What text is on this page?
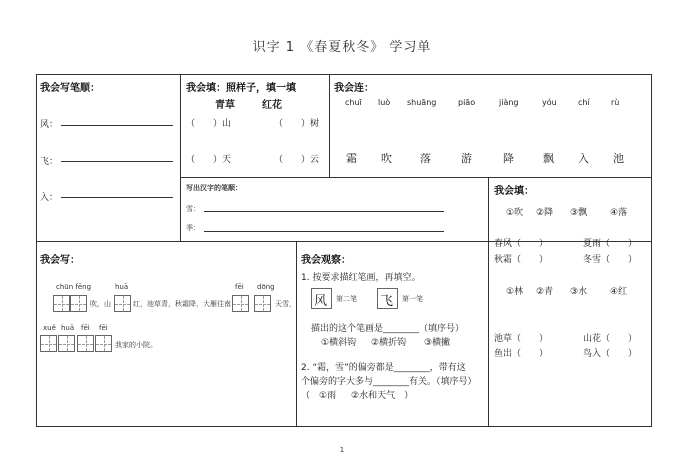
识字 1 《春夏秋冬》 学习单
我会写笔顺：
风：
飞：
入：
我会填：照样子，填一填
青草	红花
（　　）山	（　　）树
（　　）天	（　　）云
我会连：
chuī luò shuāng	piāo	jiàng	yóu	chí	rù
霜 吹	落	游	降	飘 入 池
写出汉字的笔顺：
雪：
季：
我会填：
①吹 ②降 ③飘	④落
春风（　　）	夏雨（　　）
秋霜（　　）	冬雪（　　）
①林 ②青 ③水	④红
池草（　　）	山花（　　）
鱼出（　　）	鸟入（　　）
我会写：
chūn fēng
吹，山
huā
红，池草青，秋霜降，大雁往南
fēi dōng
天雪，
xuě huā fēi fēi
我家的小院。
我会观察：
1. 按要求描红笔画，再填空。
风 第二笔 飞 第一笔
描出的这个笔画是________（填序号）
①横斜钩 ②横折钩 ③横撇
2. “霜，雪”的偏旁都是________，带有这
个偏旁的字大多与________有关。（填序号）
（　①雨 ②水和天气　）
1
